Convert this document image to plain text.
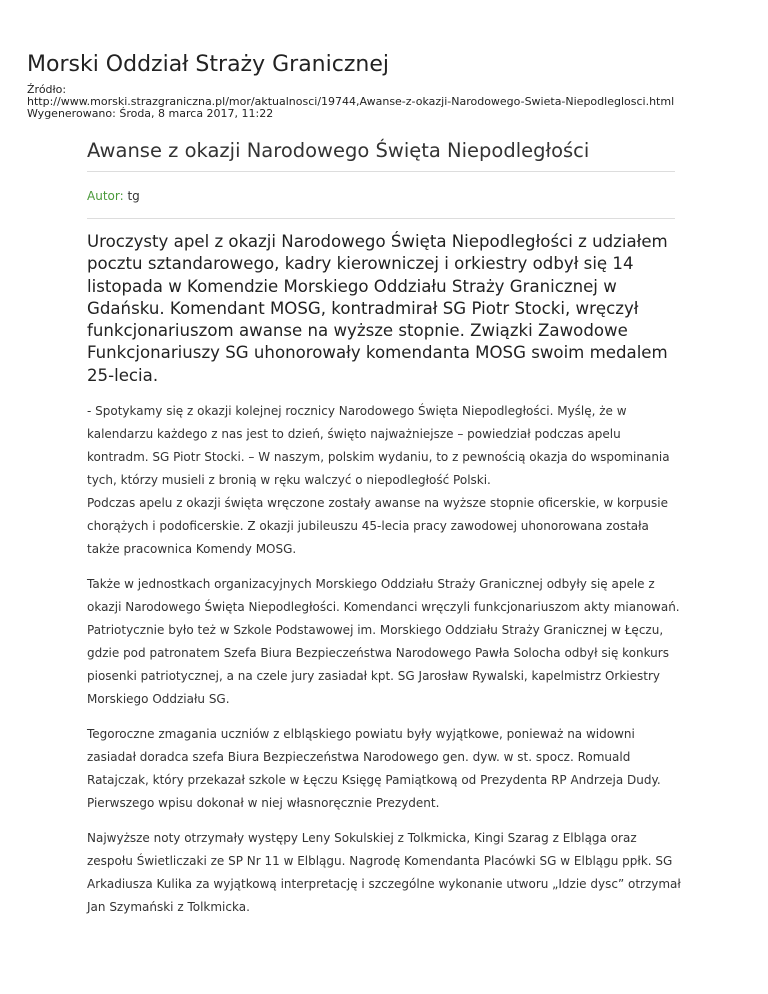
Morski Oddział Straży Granicznej
Źródło:
http://www.morski.strazgraniczna.pl/mor/aktualnosci/19744,Awanse-z-okazji-Narodowego-Swieta-Niepodleglosci.html
Wygenerowano: Środa, 8 marca 2017, 11:22
Awanse z okazji Narodowego Święta Niepodległości
Autor: tg

Uroczysty apel z okazji Narodowego Święta Niepodległości z udziałem pocztu sztandarowego, kadry kierowniczej i orkiestry odbył się 14 listopada w Komendzie Morskiego Oddziału Straży Granicznej w Gdańsku. Komendant MOSG, kontradmirał SG Piotr Stocki, wręczył funkcjonariuszom awanse na wyższe stopnie. Związki Zawodowe Funkcjonariuszy SG uhonorowały komendanta MOSG swoim medalem 25-lecia.

- Spotykamy się z okazji kolejnej rocznicy Narodowego Święta Niepodległości. Myślę, że w kalendarzu każdego z nas jest to dzień, święto najważniejsze – powiedział podczas apelu kontradm. SG Piotr Stocki. – W naszym, polskim wydaniu, to z pewnością okazja do wspominania tych, którzy musieli z bronią w ręku walczyć o niepodległość Polski.

Podczas apelu z okazji święta wręczone zostały awanse na wyższe stopnie oficerskie, w korpusie chorążych i podoficerskie. Z okazji jubileuszu 45-lecia pracy zawodowej uhonorowana została także pracownica Komendy MOSG.

Także w jednostkach organizacyjnych Morskiego Oddziału Straży Granicznej odbyły się apele z okazji Narodowego Święta Niepodległości. Komendanci wręczyli funkcjonariuszom akty mianowań.

Patriotycznie było też w Szkole Podstawowej im. Morskiego Oddziału Straży Granicznej w Łęczu, gdzie pod patronatem Szefa Biura Bezpieczeństwa Narodowego Pawła Solocha odbył się konkurs piosenki patriotycznej, a na czele jury zasiadał kpt. SG Jarosław Rywalski, kapelmistrz Orkiestry Morskiego Oddziału SG.

Tegoroczne zmagania uczniów z elbląskiego powiatu były wyjątkowe, ponieważ na widowni zasiadał doradca szefa Biura Bezpieczeństwa Narodowego gen. dyw. w st. spocz. Romuald Ratajczak, który przekazał szkole w Łęczu Księgę Pamiątkową od Prezydenta RP Andrzeja Dudy. Pierwszego wpisu dokonał w niej własnoręcznie Prezydent.

Najwyższe noty otrzymały występy Leny Sokulskiej z Tolkmicka, Kingi Szarag z Elbląga oraz zespołu Świetliczaki ze SP Nr 11 w Elblągu. Nagrodę Komendanta Placówki SG w Elblągu ppłk. SG Arkadiusza Kulika za wyjątkową interpretację i szczególne wykonanie utworu „Idzie dysc” otrzymał Jan Szymański z Tolkmicka.
